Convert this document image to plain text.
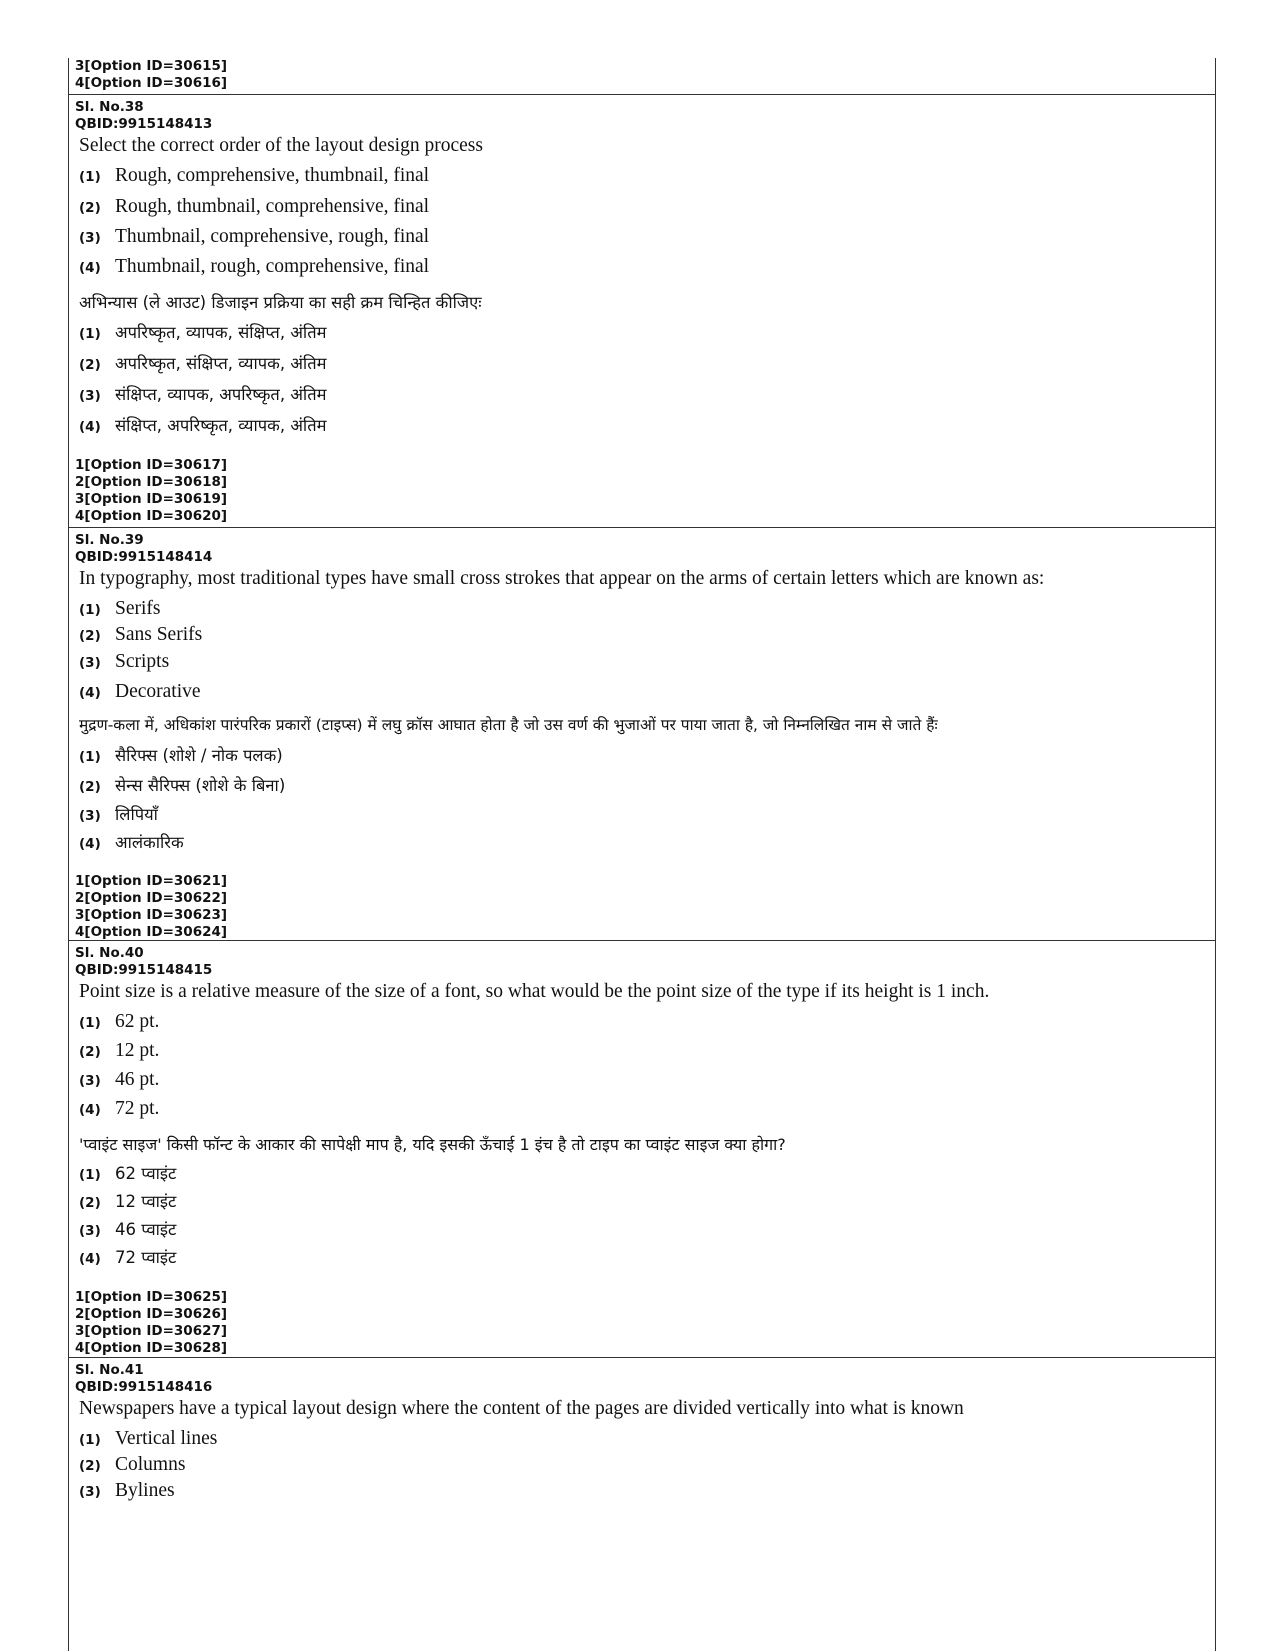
3[Option ID=30615]
4[Option ID=30616]
Sl. No.38
QBID:9915148413
Select the correct order of the layout design process
(1) Rough, comprehensive, thumbnail, final
(2) Rough, thumbnail, comprehensive, final
(3) Thumbnail, comprehensive, rough, final
(4) Thumbnail, rough, comprehensive, final
अभिन्यास (ले आउट) डिजाइन प्रक्रिया का सही क्रम चिन्हित कीजिएः
(1) अपरिष्कृत, व्यापक, संक्षिप्त, अंतिम
(2) अपरिष्कृत, संक्षिप्त, व्यापक, अंतिम
(3) संक्षिप्त, व्यापक, अपरिष्कृत, अंतिम
(4) संक्षिप्त, अपरिष्कृत, व्यापक, अंतिम
1[Option ID=30617]
2[Option ID=30618]
3[Option ID=30619]
4[Option ID=30620]
Sl. No.39
QBID:9915148414
In typography, most traditional types have small cross strokes that appear on the arms of certain letters which are known as:
(1) Serifs
(2) Sans Serifs
(3) Scripts
(4) Decorative
मुद्रण-कला में, अधिकांश पारंपरिक प्रकारों (टाइप्स) में लघु क्रॉस आघात होता है जो उस वर्ण की भुजाओं पर पाया जाता है, जो निम्नलिखित नाम से जाते हैंः
(1) सैरिफ्स (शोशे / नोक पलक)
(2) सेन्स सैरिफ्स (शोशे के बिना)
(3) लिपियाँ
(4) आलंकारिक
1[Option ID=30621]
2[Option ID=30622]
3[Option ID=30623]
4[Option ID=30624]
Sl. No.40
QBID:9915148415
Point size is a relative measure of the size of a font, so what would be the point size of the type if its height is 1 inch.
(1) 62 pt.
(2) 12 pt.
(3) 46 pt.
(4) 72 pt.
'प्वाइंट साइज' किसी फॉन्ट के आकार की सापेक्षी माप है, यदि इसकी ऊँचाई 1 इंच है तो टाइप का प्वाइंट साइज क्या होगा?
(1) 62 प्वाइंट
(2) 12 प्वाइंट
(3) 46 प्वाइंट
(4) 72 प्वाइंट
1[Option ID=30625]
2[Option ID=30626]
3[Option ID=30627]
4[Option ID=30628]
Sl. No.41
QBID:9915148416
Newspapers have a typical layout design where the content of the pages are divided vertically into what is known
(1) Vertical lines
(2) Columns
(3) Bylines
